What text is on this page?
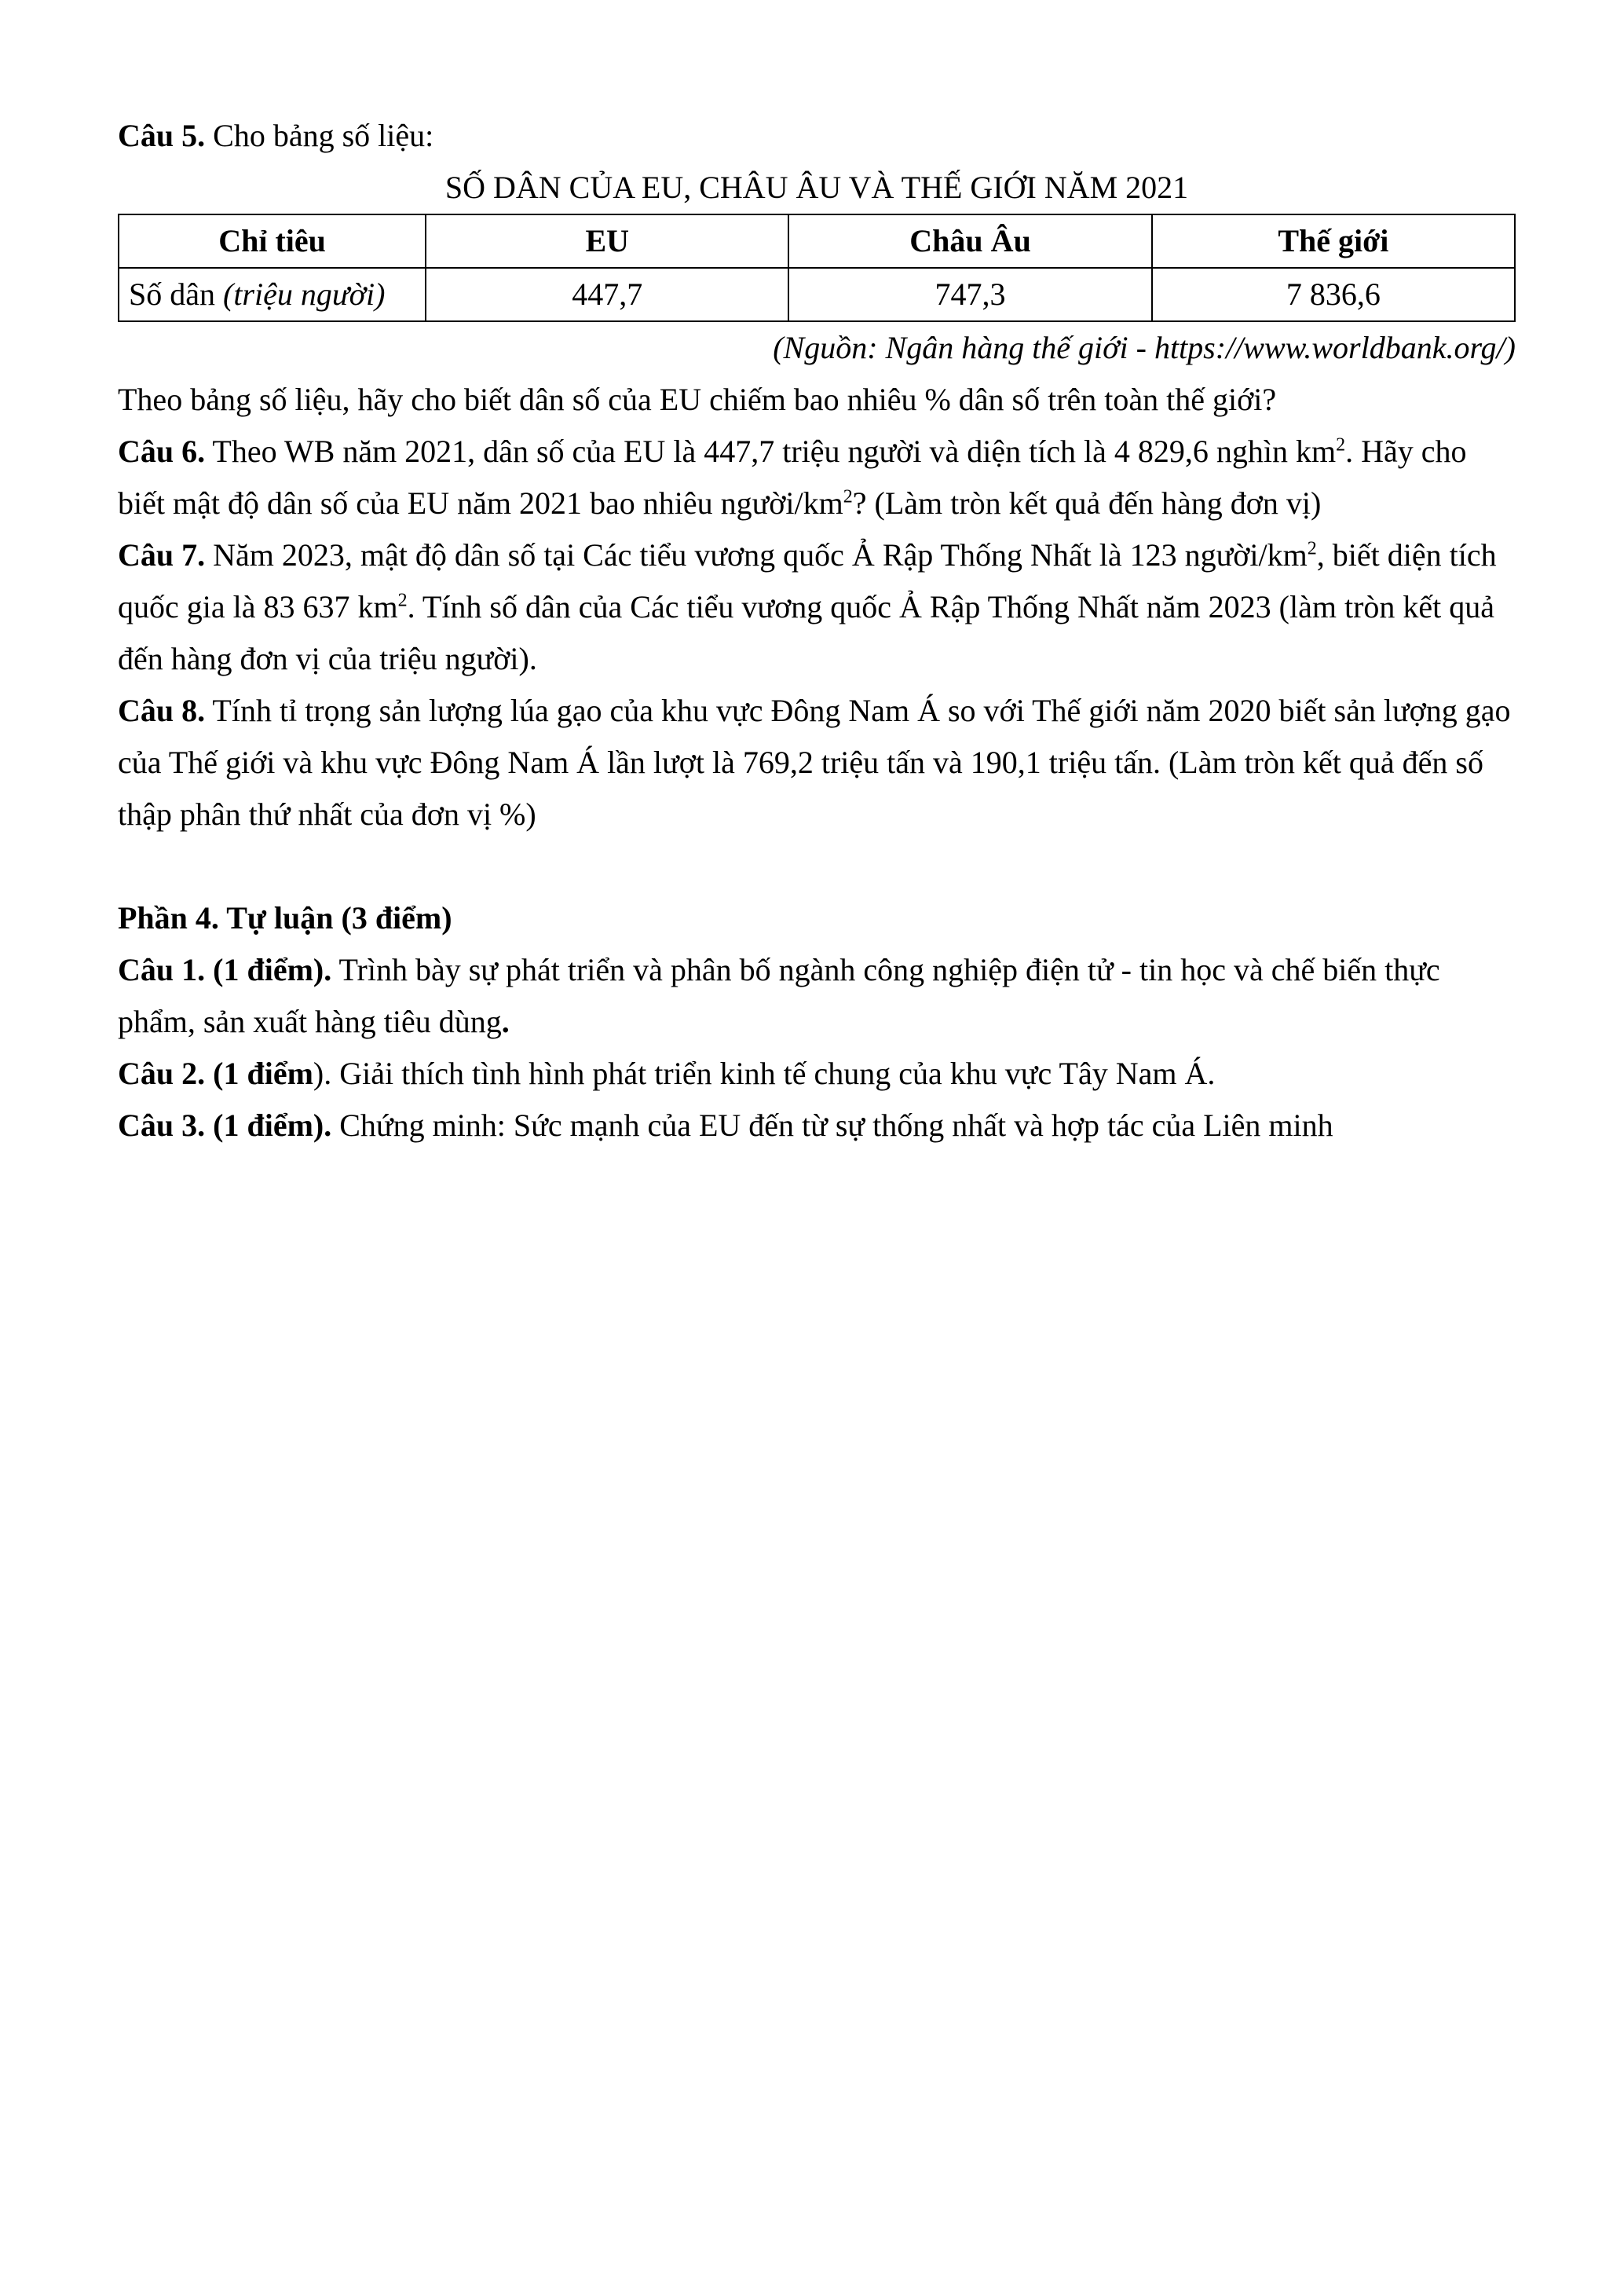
Câu 5. Cho bảng số liệu:

SỐ DÂN CỦA EU, CHÂU ÂU VÀ THẾ GIỚI NĂM 2021

Chỉ tiêu	EU	Châu Âu	Thế giới
Số dân (triệu người)	447,7	747,3	7 836,6

(Nguồn: Ngân hàng thế giới - https://www.worldbank.org/)

Theo bảng số liệu, hãy cho biết dân số của EU chiếm bao nhiêu % dân số trên toàn thế giới?

Câu 6. Theo WB năm 2021, dân số của EU là 447,7 triệu người và diện tích là 4 829,6 nghìn $km^2$. Hãy cho biết mật độ dân số của EU năm 2021 bao nhiêu người/$km^2$? (Làm tròn kết quả đến hàng đơn vị)

Câu 7. Năm 2023, mật độ dân số tại Các tiểu vương quốc Ả Rập Thống Nhất là 123 người/$km^2$, biết diện tích quốc gia là 83 637 $km^2$. Tính số dân của Các tiểu vương quốc Ả Rập Thống Nhất năm 2023 (làm tròn kết quả đến hàng đơn vị của triệu người).

Câu 8. Tính tỉ trọng sản lượng lúa gạo của khu vực Đông Nam Á so với Thế giới năm 2020 biết sản lượng gạo của Thế giới và khu vực Đông Nam Á lần lượt là 769,2 triệu tấn và 190,1 triệu tấn. (Làm tròn kết quả đến số thập phân thứ nhất của đơn vị %)

Phần 4. Tự luận (3 điểm)

Câu 1. (1 điểm). Trình bày sự phát triển và phân bố ngành công nghiệp điện tử - tin học và chế biến thực phẩm, sản xuất hàng tiêu dùng.

Câu 2. (1 điểm). Giải thích tình hình phát triển kinh tế chung của khu vực Tây Nam Á.

Câu 3. (1 điểm). Chứng minh: Sức mạnh của EU đến từ sự thống nhất và hợp tác của Liên minh
